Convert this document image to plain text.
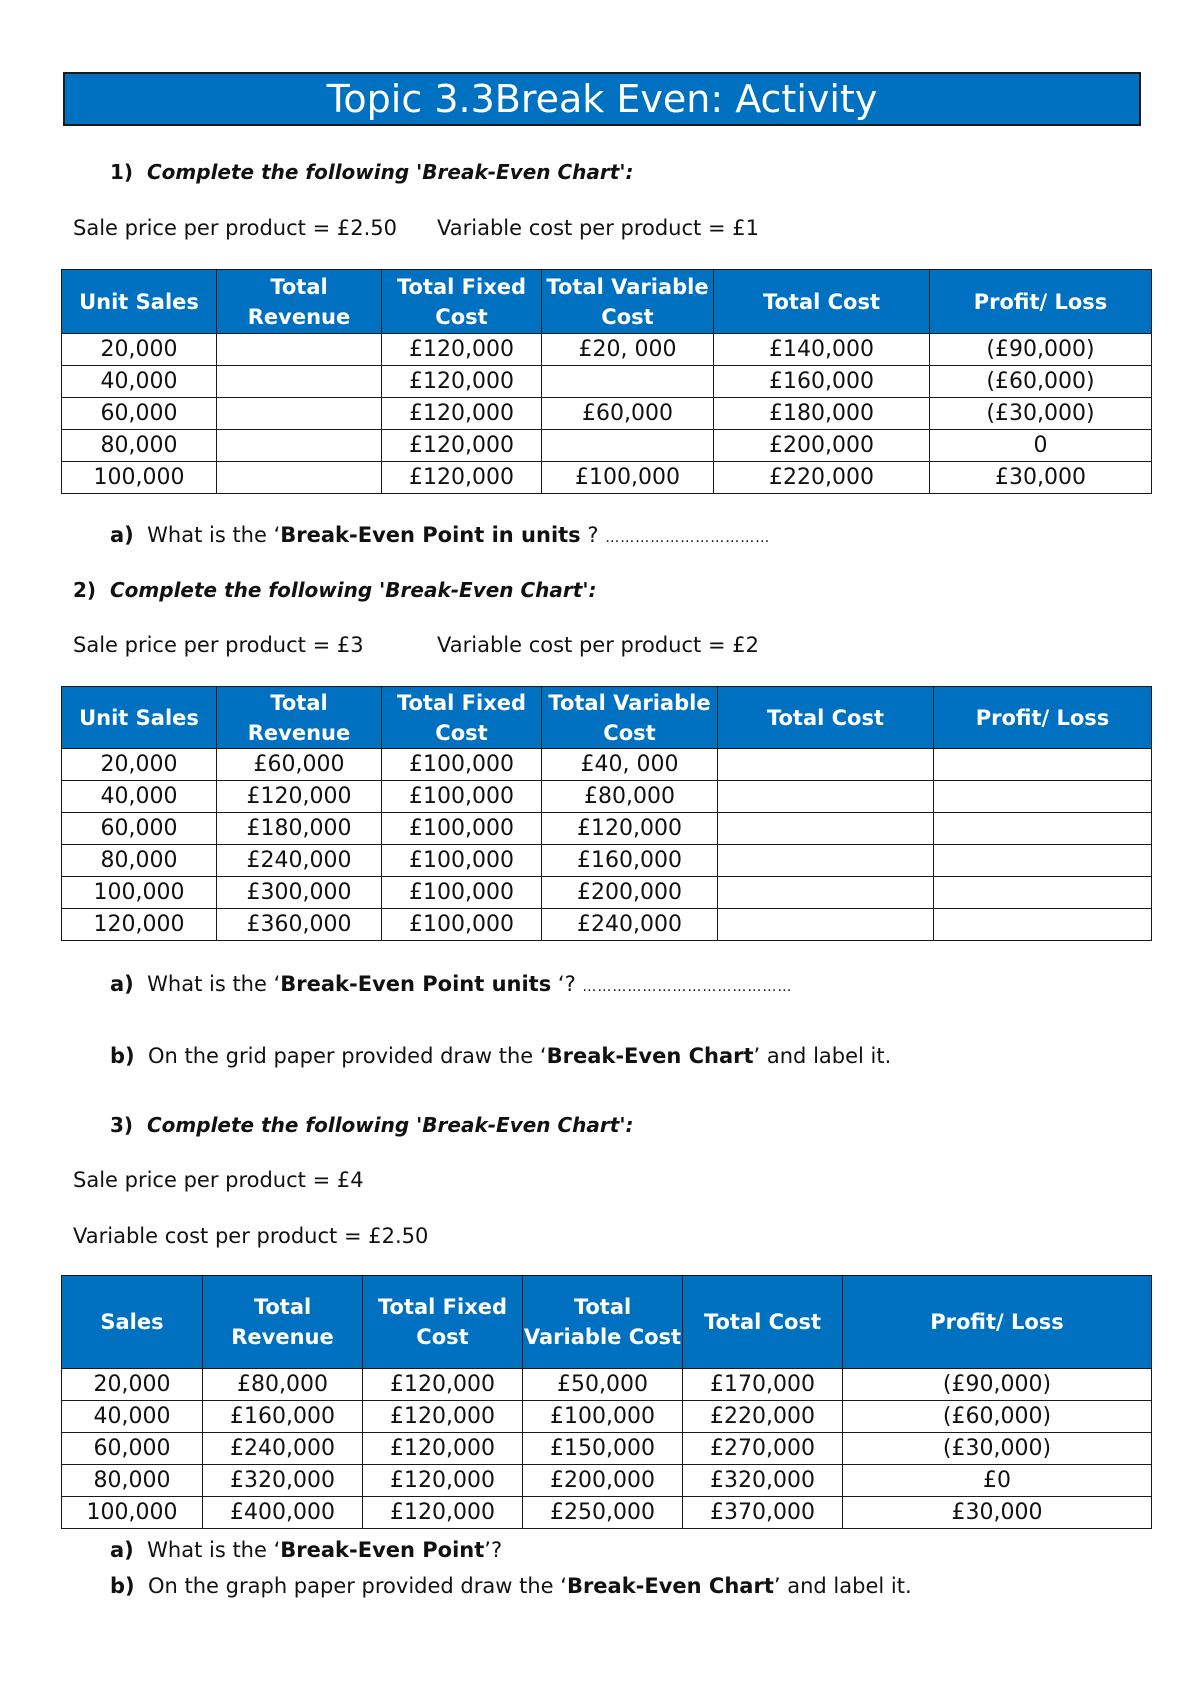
Topic 3.3Break Even: Activity
1) Complete the following 'Break-Even Chart':
Sale price per product = £2.50 Variable cost per product = £1
Unit Sales	Total Revenue	Total Fixed Cost	Total Variable Cost	Total Cost	Profit/ Loss
20,000		£120,000	£20, 000	£140,000	(£90,000)
40,000		£120,000		£160,000	(£60,000)
60,000		£120,000	£60,000	£180,000	(£30,000)
80,000		£120,000		£200,000	0
100,000		£120,000	£100,000	£220,000	£30,000
a) What is the ‘Break-Even Point in units ? ……………………………
2) Complete the following 'Break-Even Chart':
Sale price per product = £3	Variable cost per product = £2
Unit Sales	Total Revenue	Total Fixed Cost	Total Variable Cost	Total Cost	Profit/ Loss
20,000	£60,000	£100,000	£40, 000		
40,000	£120,000	£100,000	£80,000		
60,000	£180,000	£100,000	£120,000		
80,000	£240,000	£100,000	£160,000		
100,000	£300,000	£100,000	£200,000		
120,000	£360,000	£100,000	£240,000		
a) What is the ‘Break-Even Point units ‘? ……………………………………
b) On the grid paper provided draw the ‘Break-Even Chart’ and label it.
3) Complete the following 'Break-Even Chart':
Sale price per product = £4
Variable cost per product = £2.50
Sales	Total Revenue	Total Fixed Cost	Total Variable Cost	Total Cost	Profit/ Loss
20,000	£80,000	£120,000	£50,000	£170,000	(£90,000)
40,000	£160,000	£120,000	£100,000	£220,000	(£60,000)
60,000	£240,000	£120,000	£150,000	£270,000	(£30,000)
80,000	£320,000	£120,000	£200,000	£320,000	£0
100,000	£400,000	£120,000	£250,000	£370,000	£30,000
a) What is the ‘Break-Even Point’?
b) On the graph paper provided draw the ‘Break-Even Chart’ and label it.
